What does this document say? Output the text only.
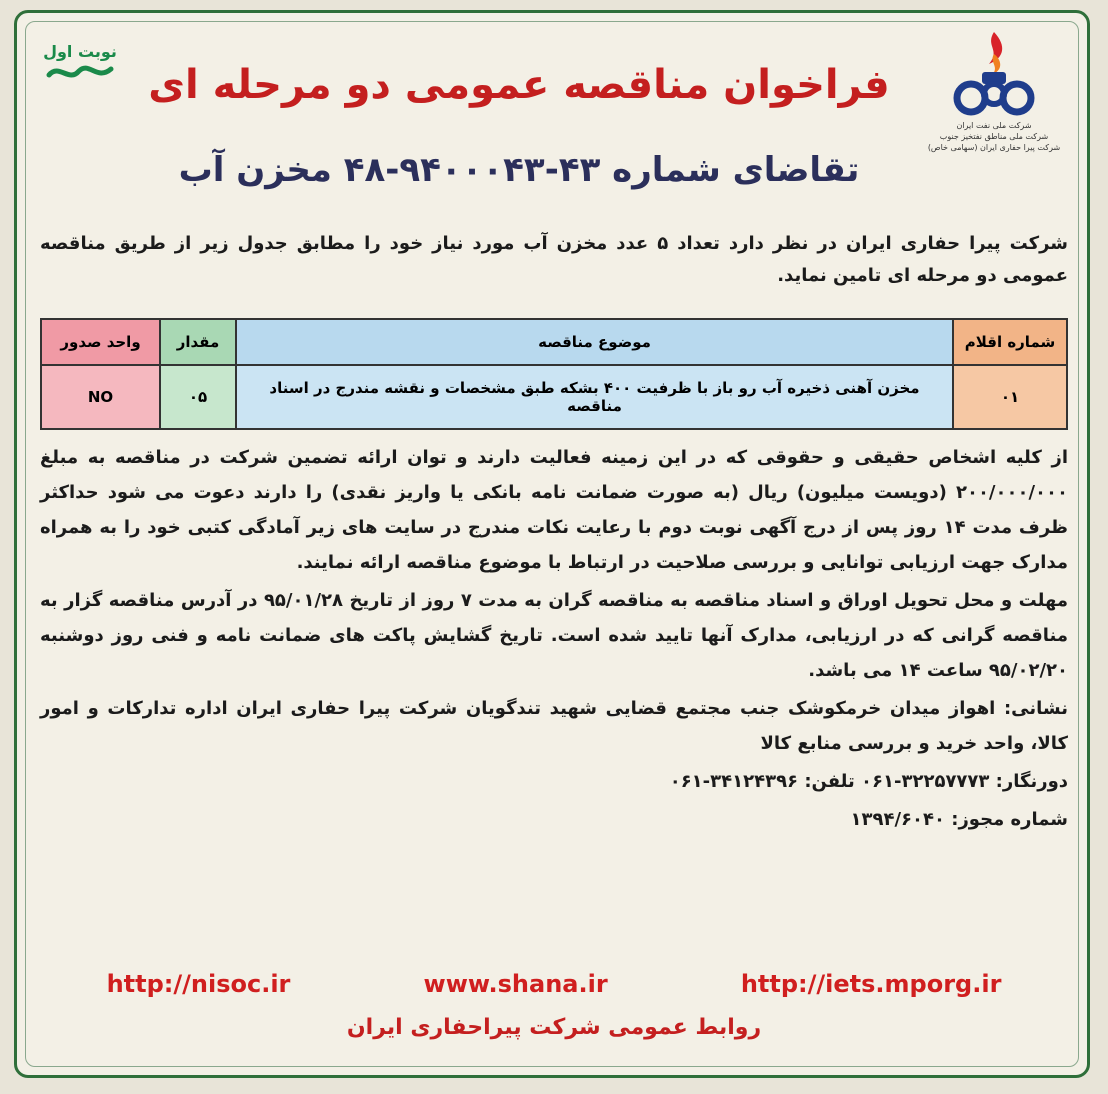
شرکت ملی نفت ایران
شرکت ملی مناطق نفتخیز جنوب
شرکت پیرا حفاری ایران (سهامی خاص)
نوبت اول
فراخوان مناقصه عمومی دو مرحله ای
تقاضای شماره ۴۳-۹۴۰۰۰۴۳-۴۸ مخزن آب
شرکت پیرا حفاری ایران در نظر دارد تعداد ۵ عدد مخزن آب مورد نیاز خود را مطابق جدول زیر از طریق مناقصه عمومی دو مرحله ای تامین نماید.
شماره اقلام	موضوع مناقصه	مقدار	واحد صدور
۰۱	مخزن آهنی ذخیره آب رو باز با ظرفیت ۴۰۰ بشکه طبق مشخصات و نقشه مندرج در اسناد مناقصه	۰۵	NO

از کلیه اشخاص حقیقی و حقوقی که در این زمینه فعالیت دارند و توان ارائه تضمین شرکت در مناقصه به مبلغ ۲۰۰/۰۰۰/۰۰۰ (دویست میلیون) ریال (به صورت ضمانت نامه بانکی یا واریز نقدی) را دارند دعوت می شود حداکثر ظرف مدت ۱۴ روز پس از درج آگهی نوبت دوم با رعایت نکات مندرج در سایت های زیر آمادگی کتبی خود را به همراه مدارک جهت ارزیابی توانایی و بررسی صلاحیت در ارتباط با موضوع مناقصه ارائه نمایند.

مهلت و محل تحویل اوراق و اسناد مناقصه به مناقصه گران به مدت ۷ روز از تاریخ ۹۵/۰۱/۲۸ در آدرس مناقصه گزار به مناقصه گرانی که در ارزیابی، مدارک آنها تایید شده است. تاریخ گشایش پاکت های ضمانت نامه و فنی روز دوشنبه ۹۵/۰۲/۲۰ ساعت ۱۴ می باشد.

نشانی: اهواز میدان خرمکوشک جنب مجتمع قضایی شهید تندگویان شرکت پیرا حفاری ایران اداره تدارکات و امور کالا، واحد خرید و بررسی منابع کالا

دورنگار: ۳۲۲۵۷۷۷۳-۰۶۱ تلفن: ۳۴۱۲۴۳۹۶-۰۶۱

شماره مجوز: ۱۳۹۴/۶۰۴۰

http://nisoc.ir	www.shana.ir	http://iets.mporg.ir
روابط عمومی شرکت پیراحفاری ایران
